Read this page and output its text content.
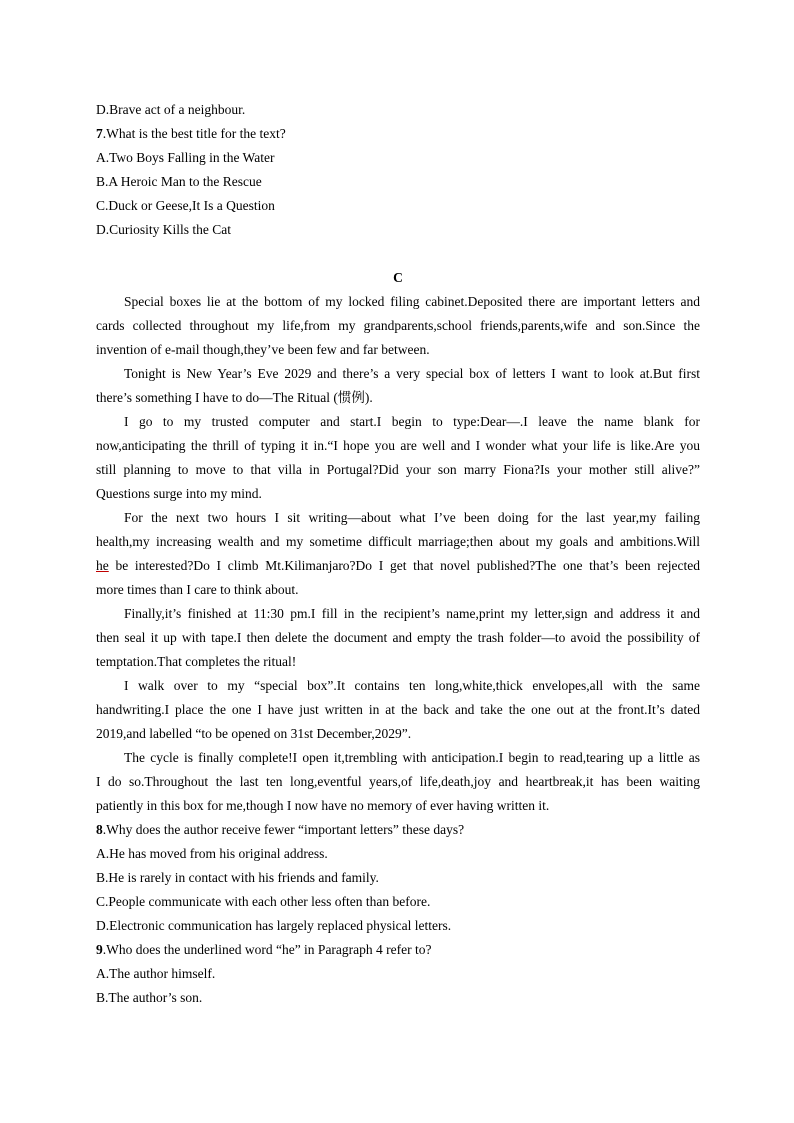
D.Brave act of a neighbour.
7.What is the best title for the text?
A.Two Boys Falling in the Water
B.A Heroic Man to the Rescue
C.Duck or Geese,It Is a Question
D.Curiosity Kills the Cat
C
Special boxes lie at the bottom of my locked filing cabinet.Deposited there are important letters and
cards collected throughout my life,from my grandparents,school friends,parents,wife and son.Since the
invention of e-mail though,they’ve been few and far between.
Tonight is New Year’s Eve 2029 and there’s a very special box of letters I want to look at.But first
there’s something I have to do—The Ritual (惯例).
I go to my trusted computer and start.I begin to type:Dear—.I leave the name blank for
now,anticipating the thrill of typing it in.“I hope you are well and I wonder what your life is like.Are you
still planning to move to that villa in Portugal?Did your son marry Fiona?Is your mother still alive?”
Questions surge into my mind.
For the next two hours I sit writing—about what I’ve been doing for the last year,my failing
health,my increasing wealth and my sometime difficult marriage;then about my goals and ambitions.Will
he be interested?Do I climb Mt.Kilimanjaro?Do I get that novel published?The one that’s been rejected
more times than I care to think about.
Finally,it’s finished at 11:30 pm.I fill in the recipient’s name,print my letter,sign and address it and
then seal it up with tape.I then delete the document and empty the trash folder—to avoid the possibility of
temptation.That completes the ritual!
I walk over to my “special box”.It contains ten long,white,thick envelopes,all with the same
handwriting.I place the one I have just written in at the back and take the one out at the front.It’s dated
2019,and labelled “to be opened on 31st December,2029”.
The cycle is finally complete!I open it,trembling with anticipation.I begin to read,tearing up a little as
I do so.Throughout the last ten long,eventful years,of life,death,joy and heartbreak,it has been waiting
patiently in this box for me,though I now have no memory of ever having written it.
8.Why does the author receive fewer “important letters” these days?
A.He has moved from his original address.
B.He is rarely in contact with his friends and family.
C.People communicate with each other less often than before.
D.Electronic communication has largely replaced physical letters.
9.Who does the underlined word “he” in Paragraph 4 refer to?
A.The author himself.
B.The author’s son.
